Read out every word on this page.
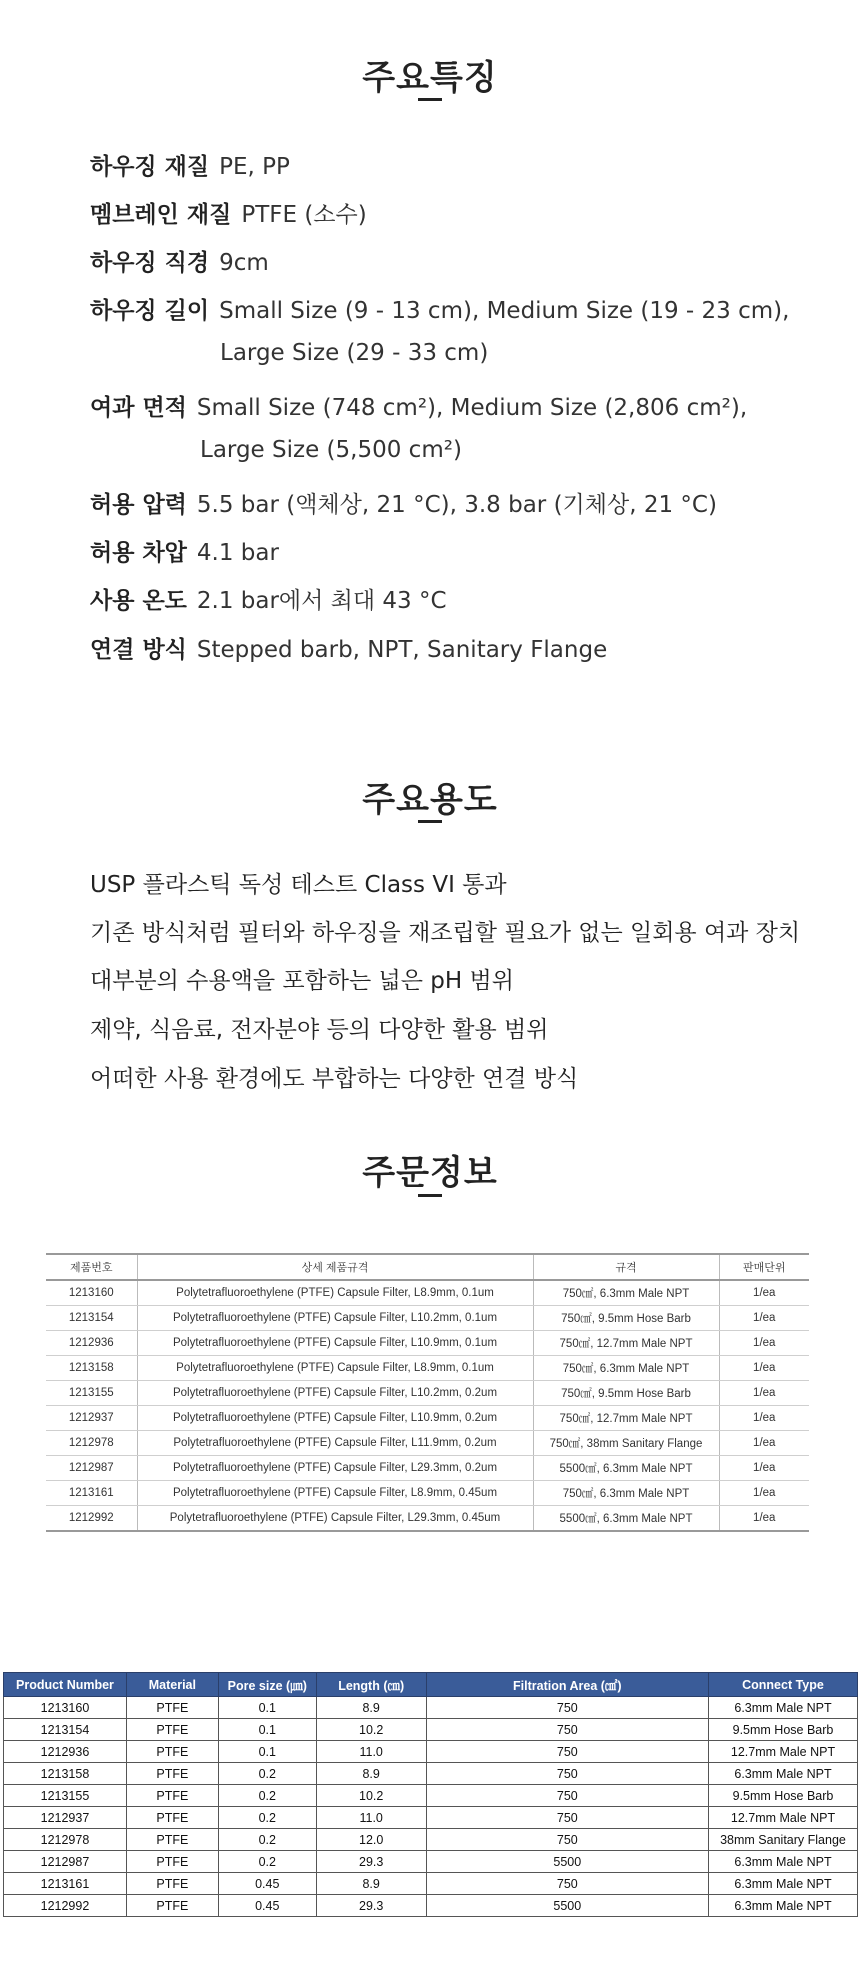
주요특징
하우징 재질 PE, PP
멤브레인 재질 PTFE (소수)
하우징 직경 9cm
하우징 길이 Small Size (9 - 13 cm), Medium Size (19 - 23 cm),
Large Size (29 - 33 cm)
여과 면적 Small Size (748 cm²), Medium Size (2,806 cm²),
Large Size (5,500 cm²)
허용 압력 5.5 bar (액체상, 21 °C), 3.8 bar (기체상, 21 °C)
허용 차압 4.1 bar
사용 온도 2.1 bar에서 최대 43 °C
연결 방식 Stepped barb, NPT, Sanitary Flange
주요용도
USP 플라스틱 독성 테스트 Class VI 통과
기존 방식처럼 필터와 하우징을 재조립할 필요가 없는 일회용 여과 장치
대부분의 수용액을 포함하는 넓은 pH 범위
제약, 식음료, 전자분야 등의 다양한 활용 범위
어떠한 사용 환경에도 부합하는 다양한 연결 방식
주문정보
제품번호	상세 제품규격	규격	판매단위
1213160	Polytetrafluoroethylene (PTFE) Capsule Filter, L8.9mm, 0.1um	750㎠, 6.3mm Male NPT	1/ea
1213154	Polytetrafluoroethylene (PTFE) Capsule Filter, L10.2mm, 0.1um	750㎠, 9.5mm Hose Barb	1/ea
1212936	Polytetrafluoroethylene (PTFE) Capsule Filter, L10.9mm, 0.1um	750㎠, 12.7mm Male NPT	1/ea
1213158	Polytetrafluoroethylene (PTFE) Capsule Filter, L8.9mm, 0.1um	750㎠, 6.3mm Male NPT	1/ea
1213155	Polytetrafluoroethylene (PTFE) Capsule Filter, L10.2mm, 0.2um	750㎠, 9.5mm Hose Barb	1/ea
1212937	Polytetrafluoroethylene (PTFE) Capsule Filter, L10.9mm, 0.2um	750㎠, 12.7mm Male NPT	1/ea
1212978	Polytetrafluoroethylene (PTFE) Capsule Filter, L11.9mm, 0.2um	750㎠, 38mm Sanitary Flange	1/ea
1212987	Polytetrafluoroethylene (PTFE) Capsule Filter, L29.3mm, 0.2um	5500㎠, 6.3mm Male NPT	1/ea
1213161	Polytetrafluoroethylene (PTFE) Capsule Filter, L8.9mm, 0.45um	750㎠, 6.3mm Male NPT	1/ea
1212992	Polytetrafluoroethylene (PTFE) Capsule Filter, L29.3mm, 0.45um	5500㎠, 6.3mm Male NPT	1/ea
Product Number	Material	Pore size (㎛)	Length (㎝)	Filtration Area (㎠)	Connect Type
1213160	PTFE	0.1	8.9	750	6.3mm Male NPT
1213154	PTFE	0.1	10.2	750	9.5mm Hose Barb
1212936	PTFE	0.1	11.0	750	12.7mm Male NPT
1213158	PTFE	0.2	8.9	750	6.3mm Male NPT
1213155	PTFE	0.2	10.2	750	9.5mm Hose Barb
1212937	PTFE	0.2	11.0	750	12.7mm Male NPT
1212978	PTFE	0.2	12.0	750	38mm Sanitary Flange
1212987	PTFE	0.2	29.3	5500	6.3mm Male NPT
1213161	PTFE	0.45	8.9	750	6.3mm Male NPT
1212992	PTFE	0.45	29.3	5500	6.3mm Male NPT
